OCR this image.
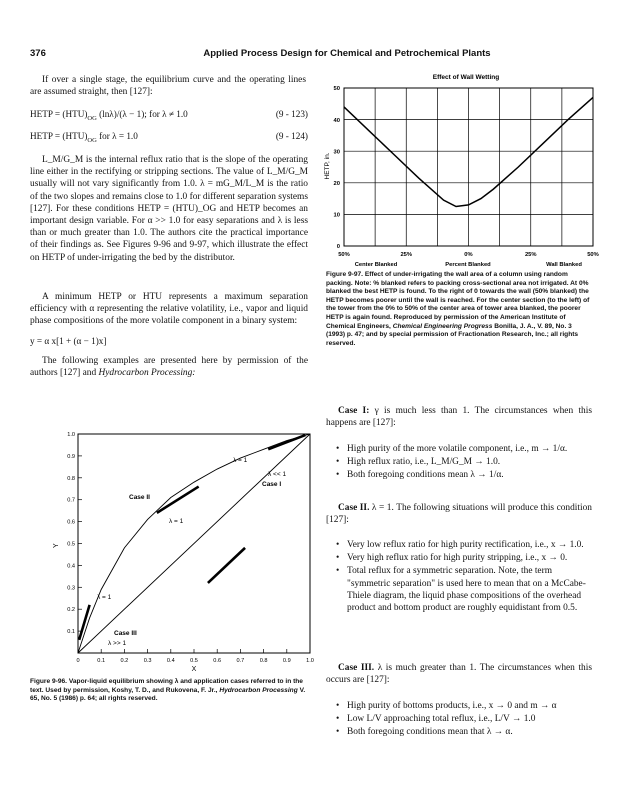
376	Applied Process Design for Chemical and Petrochemical Plants
If over a single stage, the equilibrium curve and the operating lines are assumed straight, then [127]:
HETP = $(HTU)_{OG}$ (lnλ)/(λ − 1); for λ ≠ 1.0	(9 - 123)
HETP = $(HTU)_{OG}$ for λ = 1.0	(9 - 124)
L_M/G_M is the internal reflux ratio that is the slope of the operating line either in the rectifying or stripping sections. The value of L_M/G_M usually will not vary significantly from 1.0. λ = mG_M/L_M is the ratio of the two slopes and remains close to 1.0 for different separation systems [127]. For these conditions HETP = (HTU)_OG and HETP becomes an important design variable. For α >> 1.0 for easy separations and λ is less than or much greater than 1.0. The authors cite the practical importance of their findings as. See Figures 9-96 and 9-97, which illustrate the effect on HETP of under-irrigating the bed by the distributor.
A minimum HETP or HTU represents a maximum separation efficiency with α representing the relative volatility, i.e., vapor and liquid phase compositions of the more volatile component in a binary system:
y = α x[1 + (α − 1)x]
The following examples are presented here by permission of the authors [127] and Hydrocarbon Processing:
0	0.1	0.2	0.3	0.4	0.5	0.6	0.7	0.8	0.9	1.0
0.1
0.2
0.3
0.4
0.5
0.6
0.7
0.8
0.9
1.0
λ = 1
λ << 1
Case I
Case II
λ = 1
λ = 1
Case III
λ >> 1
Y
X
Figure 9-96. Vapor-liquid equilibrium showing λ and application cases referred to in the text. Used by permission, Koshy, T. D., and Rukovena, F. Jr., Hydrocarbon Processing V. 65, No. 5 (1986) p. 64; all rights reserved.
Effect of Wall Wetting
0
10
20
30
40
50
50%	25%	0%	25%	50%
HETP, in.
Center Blanked	Percent Blanked	Wall Blanked
Figure 9-97. Effect of under-irrigating the wall area of a column using random packing. Note: % blanked refers to packing cross-sectional area not irrigated. At 0% blanked the best HETP is found. To the right of 0 towards the wall (50% blanked) the HETP becomes poorer until the wall is reached. For the center section (to the left) of the tower from the 0% to 50% of the center area of tower area blanked, the poorer HETP is again found. Reproduced by permission of the American Institute of Chemical Engineers, Chemical Engineering Progress Bonilla, J. A., V. 89, No. 3 (1993) p. 47; and by special permission of Fractionation Research, Inc.; all rights reserved.
Case I: γ is much less than 1. The circumstances when this happens are [127]:
• High purity of the more volatile component, i.e., m → 1/α.
• High reflux ratio, i.e., L_M/G_M → 1.0.
• Both foregoing conditions mean λ → 1/α.
Case II. λ = 1. The following situations will produce this condition [127]:
• Very low reflux ratio for high purity rectification, i.e., x → 1.0.
• Very high reflux ratio for high purity stripping, i.e., x → 0.
• Total reflux for a symmetric separation. Note, the term "symmetric separation" is used here to mean that on a McCabe-Thiele diagram, the liquid phase compositions of the overhead product and bottom product are roughly equidistant from 0.5.
Case III. λ is much greater than 1. The circumstances when this occurs are [127]:
• High purity of bottoms products, i.e., x → 0 and m → α
• Low L/V approaching total reflux, i.e., L/V → 1.0
• Both foregoing conditions mean that λ → α.
